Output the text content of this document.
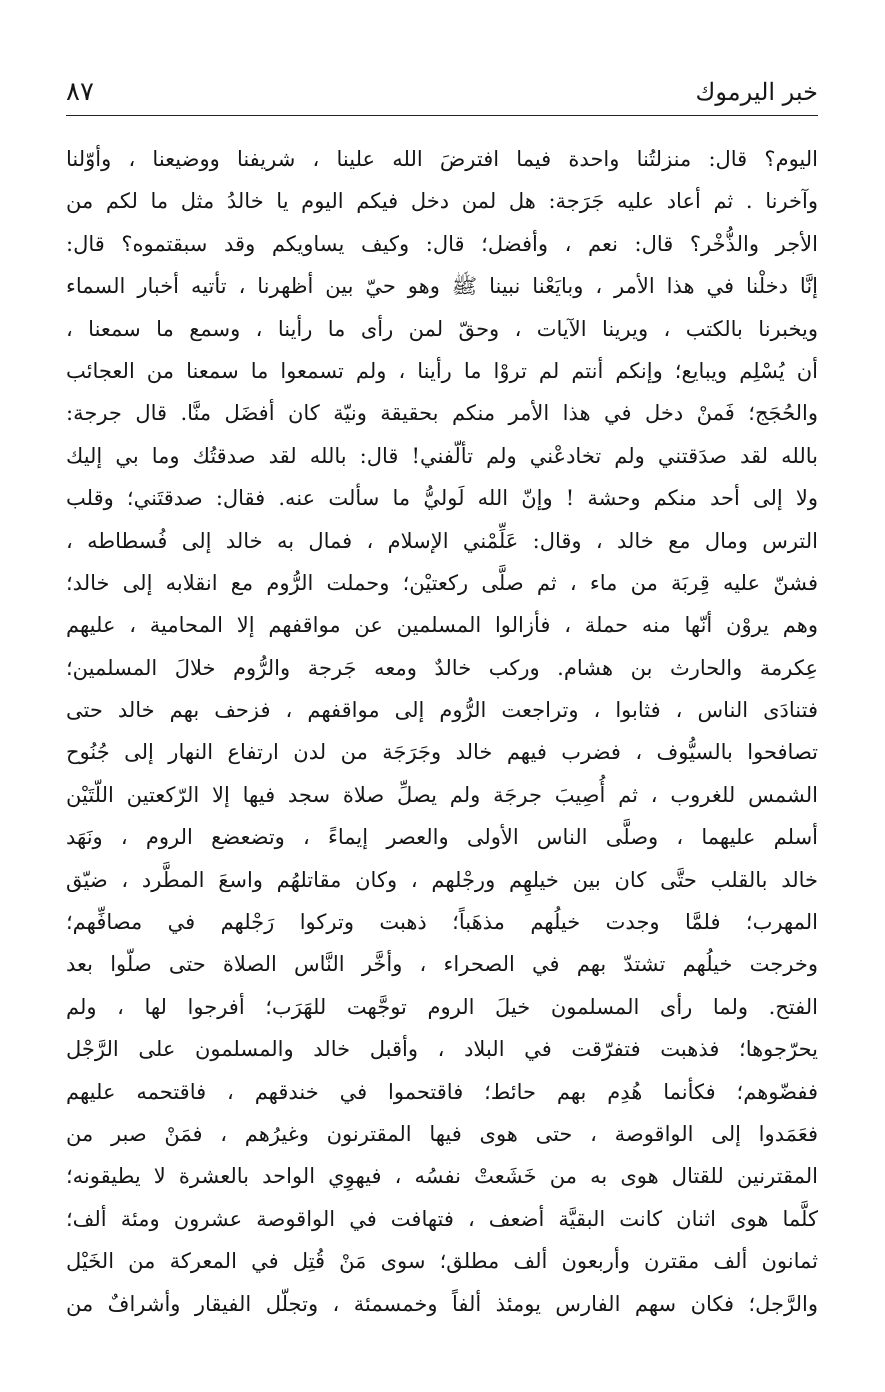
خبر اليرموك
٨٧
اليوم؟ قال: منزلتُنا واحدة فيما افترضَ الله علينا ، شريفنا ووضيعنا ، وأوّلنا
وآخرنا . ثم أعاد عليه جَرَجة: هل لمن دخل فيكم اليوم يا خالدُ مثل ما لكم من
الأجر والذُّخْر؟ قال: نعم ، وأفضل؛ قال: وكيف يساويكم وقد سبقتموه؟ قال:
إنَّا دخلْنا في هذا الأمر ، وبايَعْنا نبينا ﷺ وهو حيّ بين أظهرنا ، تأتيه أخبار السماء
ويخبرنا بالكتب ، ويرينا الآيات ، وحقّ لمن رأى ما رأينا ، وسمع ما سمعنا ،
أن يُسْلِم ويبايع؛ وإنكم أنتم لم تروْا ما رأينا ، ولم تسمعوا ما سمعنا من العجائب
والحُجَج؛ فَمنْ دخل في هذا الأمر منكم بحقيقة ونيّة كان أفضَل منَّا. قال جرجة:
بالله لقد صدَقتني ولم تخادعْني ولم تألّفني! قال: بالله لقد صدقتُك وما بي إليك
ولا إلى أحد منكم وحشة ! وإنّ الله لَوليُّ ما سألت عنه. فقال: صدقتَني؛ وقلب
الترس ومال مع خالد ، وقال: عَلِّمْني الإسلام ، فمال به خالد إلى فُسطاطه ،
فشنّ عليه قِربَة من ماء ، ثم صلَّى ركعتيْن؛ وحملت الرُّوم مع انقلابه إلى خالد؛
وهم يروْن أنّها منه حملة ، فأزالوا المسلمين عن مواقفهم إلا المحامية ، عليهم
عِكرمة والحارث بن هشام. وركب خالدٌ ومعه جَرجة والرُّوم خلالَ المسلمين؛
فتنادَى الناس ، فثابوا ، وتراجعت الرُّوم إلى مواقفهم ، فزحف بهم خالد حتى
تصافحوا بالسيُّوف ، فضرب فيهم خالد وجَرَجَة من لدن ارتفاع النهار إلى جُنُوح
الشمس للغروب ، ثم أُصِيبَ جرجَة ولم يصلِّ صلاة سجد فيها إلا الرّكعتين اللّتَيْن
أسلم عليهما ، وصلَّى الناس الأولى والعصر إيماءً ، وتضعضع الروم ، ونَهَد
خالد بالقلب حتَّى كان بين خيلهِم ورجْلهم ، وكان مقاتلهُم واسعَ المطَّرد ، ضيّق
المهرب؛ فلمَّا وجدت خيلُهم مذهَباً؛ ذهبت وتركوا رَجْلهم في مصافِّهم؛
وخرجت خيلُهم تشتدّ بهم في الصحراء ، وأخَّر النَّاس الصلاة حتى صلّوا بعد
الفتح. ولما رأى المسلمون خيلَ الروم توجَّهت للهَرَب؛ أفرجوا لها ، ولم
يحرّجوها؛ فذهبت فتفرّقت في البلاد ، وأقبل خالد والمسلمون على الرَّجْل
ففضّوهم؛ فكأنما هُدِم بهم حائط؛ فاقتحموا في خندقهم ، فاقتحمه عليهم
فعَمَدوا إلى الواقوصة ، حتى هوى فيها المقترنون وغيرُهم ، فمَنْ صبر من
المقترنين للقتال هوى به من خَشَعتْ نفسُه ، فيهوِي الواحد بالعشرة لا يطيقونه؛
كلَّما هوى اثنان كانت البقيَّة أضعف ، فتهافت في الواقوصة عشرون ومئة ألف؛
ثمانون ألف مقترن وأربعون ألف مطلق؛ سوى مَنْ قُتِل في المعركة من الخَيْل
والرَّجل؛ فكان سهم الفارس يومئذ ألفاً وخمسمئة ، وتجلّل الفيقار وأشرافٌ من
